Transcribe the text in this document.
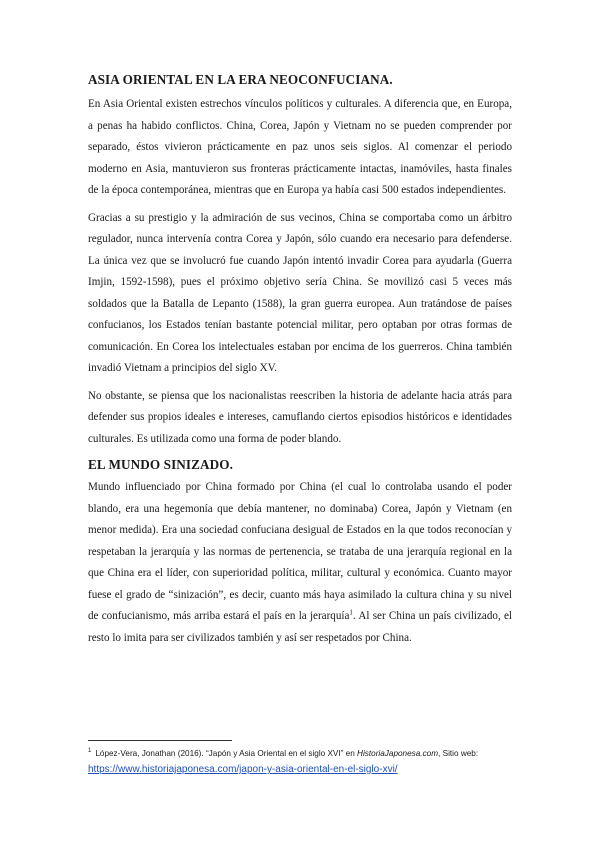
ASIA ORIENTAL EN LA ERA NEOCONFUCIANA.

En Asia Oriental existen estrechos vínculos políticos y culturales. A diferencia que, en Europa, a penas ha habido conflictos. China, Corea, Japón y Vietnam no se pueden comprender por separado, éstos vivieron prácticamente en paz unos seis siglos. Al comenzar el periodo moderno en Asia, mantuvieron sus fronteras prácticamente intactas, inamóviles, hasta finales de la época contemporánea, mientras que en Europa ya había casi 500 estados independientes.

Gracias a su prestigio y la admiración de sus vecinos, China se comportaba como un árbitro regulador, nunca intervenía contra Corea y Japón, sólo cuando era necesario para defenderse. La única vez que se involucró fue cuando Japón intentó invadir Corea para ayudarla (Guerra Imjin, 1592-1598), pues el próximo objetivo sería China. Se movilizó casi 5 veces más soldados que la Batalla de Lepanto (1588), la gran guerra europea. Aun tratándose de países confucianos, los Estados tenían bastante potencial militar, pero optaban por otras formas de comunicación. En Corea los intelectuales estaban por encima de los guerreros. China también invadió Vietnam a principios del siglo XV.

No obstante, se piensa que los nacionalistas reescriben la historia de adelante hacia atrás para defender sus propios ideales e intereses, camuflando ciertos episodios históricos e identidades culturales. Es utilizada como una forma de poder blando.

EL MUNDO SINIZADO.

Mundo influenciado por China formado por China (el cual lo controlaba usando el poder blando, era una hegemonía que debía mantener, no dominaba) Corea, Japón y Vietnam (en menor medida). Era una sociedad confuciana desigual de Estados en la que todos reconocían y respetaban la jerarquía y las normas de pertenencia, se trataba de una jerarquía regional en la que China era el líder, con superioridad política, militar, cultural y económica. Cuanto mayor fuese el grado de “sinización”, es decir, cuanto más haya asimilado la cultura china y su nivel de confucianismo, más arriba estará el país en la jerarquía$^1$. Al ser China un país civilizado, el resto lo imita para ser civilizados también y así ser respetados por China.

$^1$ López-Vera, Jonathan (2016). “Japón y Asia Oriental en el siglo XVI” en HistoriaJaponesa.com, Sitio web: https://www.historiajaponesa.com/japon-y-asia-oriental-en-el-siglo-xvi/
